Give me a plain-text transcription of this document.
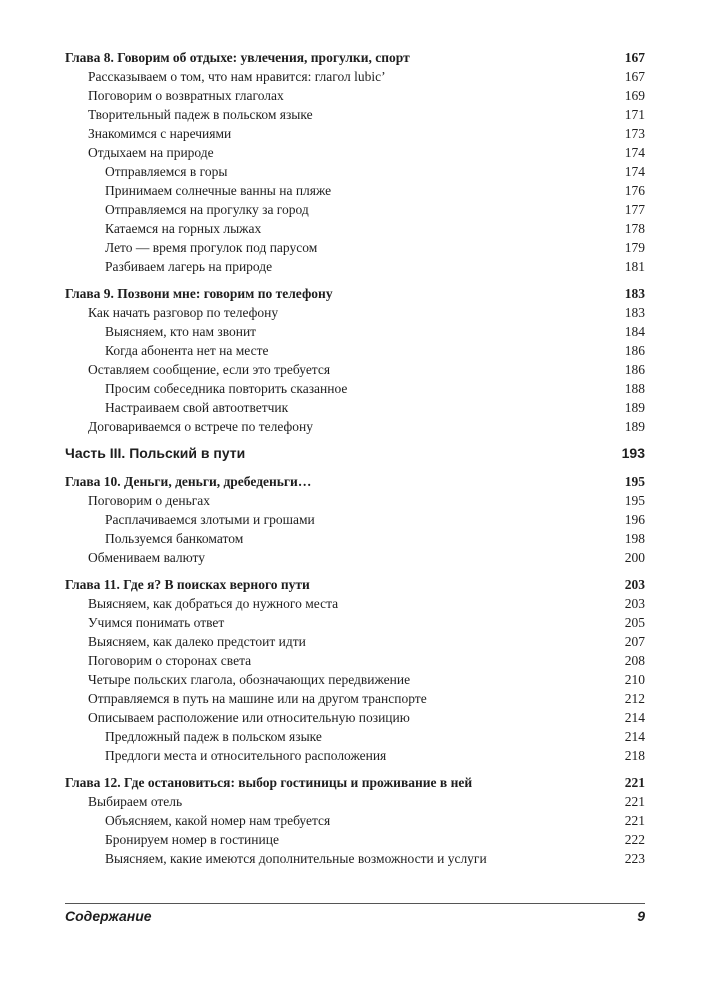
Глава 8. Говорим об отдыхе: увлечения, прогулки, спорт	167
Рассказываем о том, что нам нравится: глагол lubic’	167
Поговорим о возвратных глаголах	169
Творительный падеж в польском языке	171
Знакомимся с наречиями	173
Отдыхаем на природе	174
Отправляемся в горы	174
Принимаем солнечные ванны на пляже	176
Отправляемся на прогулку за город	177
Катаемся на горных лыжах	178
Лето — время прогулок под парусом	179
Разбиваем лагерь на природе	181
Глава 9. Позвони мне: говорим по телефону	183
Как начать разговор по телефону	183
Выясняем, кто нам звонит	184
Когда абонента нет на месте	186
Оставляем сообщение, если это требуется	186
Просим собеседника повторить сказанное	188
Настраиваем свой автоответчик	189
Договариваемся о встрече по телефону	189
Часть III. Польский в пути	193
Глава 10. Деньги, деньги, дребеденьги…	195
Поговорим о деньгах	195
Расплачиваемся злотыми и грошами	196
Пользуемся банкоматом	198
Обмениваем валюту	200
Глава 11. Где я? В поисках верного пути	203
Выясняем, как добраться до нужного места	203
Учимся понимать ответ	205
Выясняем, как далеко предстоит идти	207
Поговорим о сторонах света	208
Четыре польских глагола, обозначающих передвижение	210
Отправляемся в путь на машине или на другом транспорте	212
Описываем расположение или относительную позицию	214
Предложный падеж в польском языке	214
Предлоги места и относительного расположения	218
Глава 12. Где остановиться: выбор гостиницы и проживание в ней	221
Выбираем отель	221
Объясняем, какой номер нам требуется	221
Бронируем номер в гостинице	222
Выясняем, какие имеются дополнительные возможности и услуги	223
Содержание	9
